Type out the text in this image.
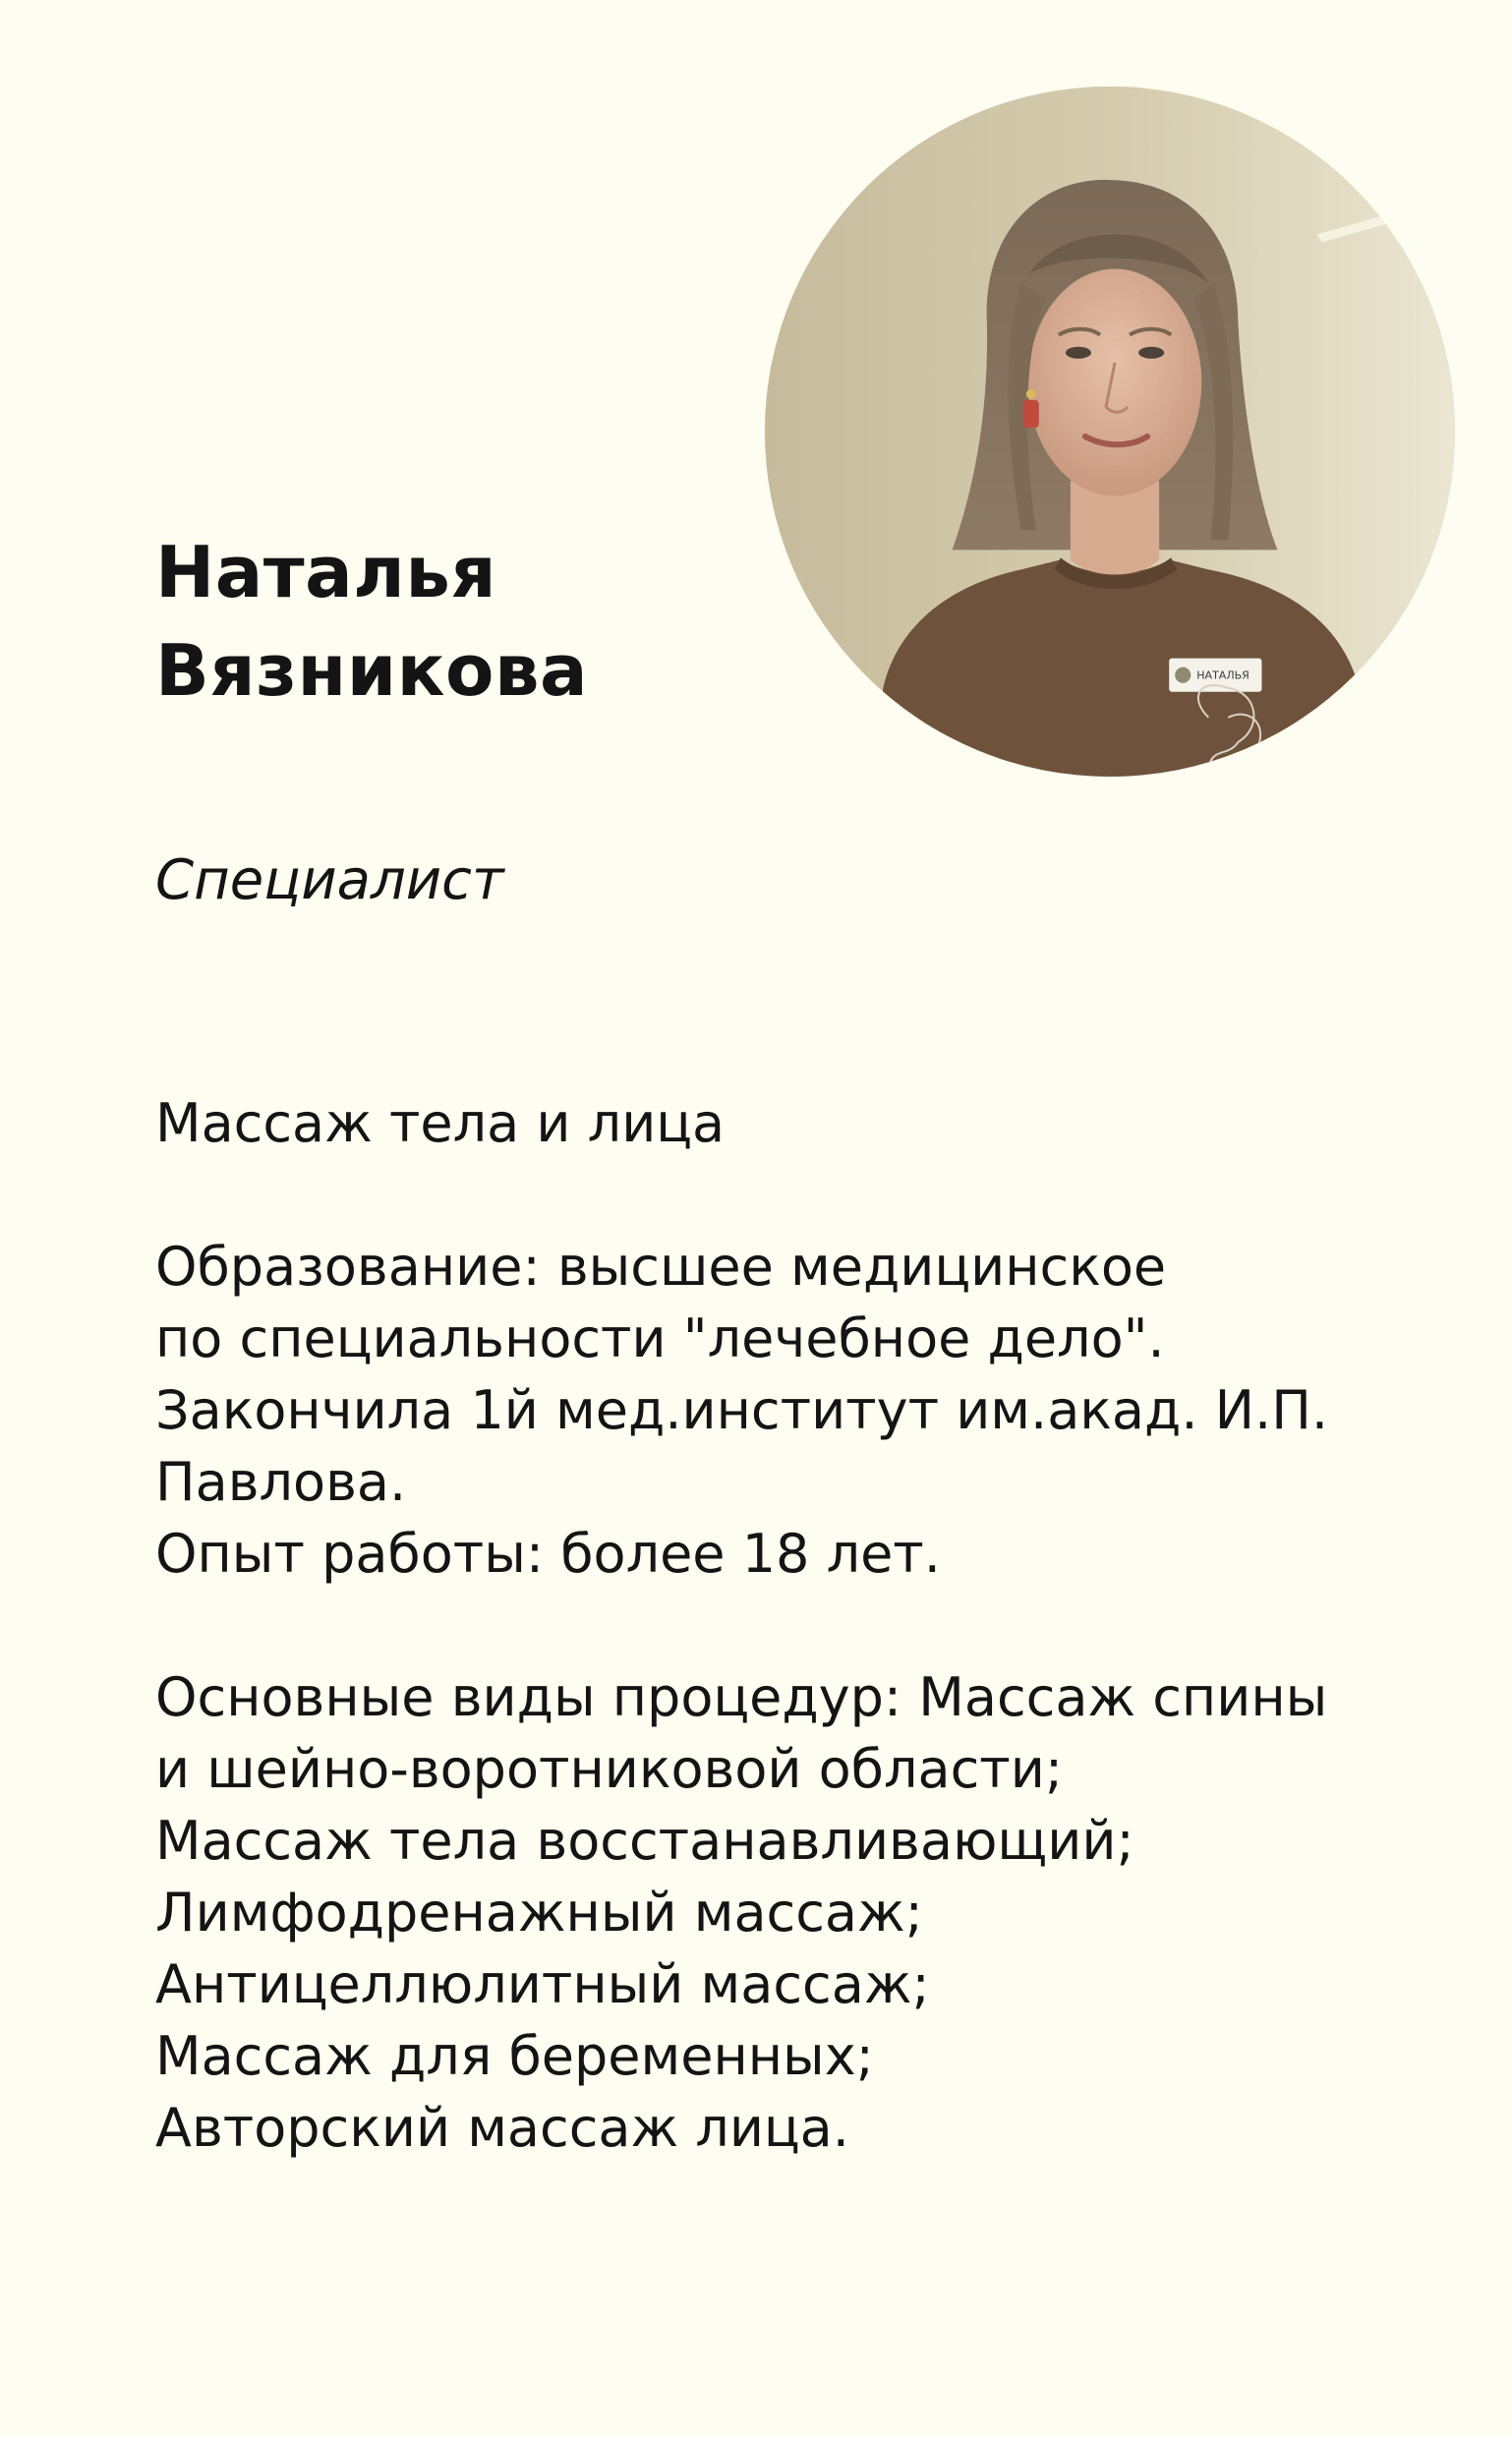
НАТАЛЬЯ
Наталья
Вязникова
Специалист
Массаж тела и лица
Образование: высшее медицинское
по специальности "лечебное дело".
Закончила 1й мед.институт им.акад. И.П.
Павлова.
Опыт работы: более 18 лет.
Основные виды процедур: Массаж спины
и шейно-воротниковой области;
Массаж тела восстанавливающий;
Лимфодренажный массаж;
Антицеллюлитный массаж;
Массаж для беременных;
Авторский массаж лица.
